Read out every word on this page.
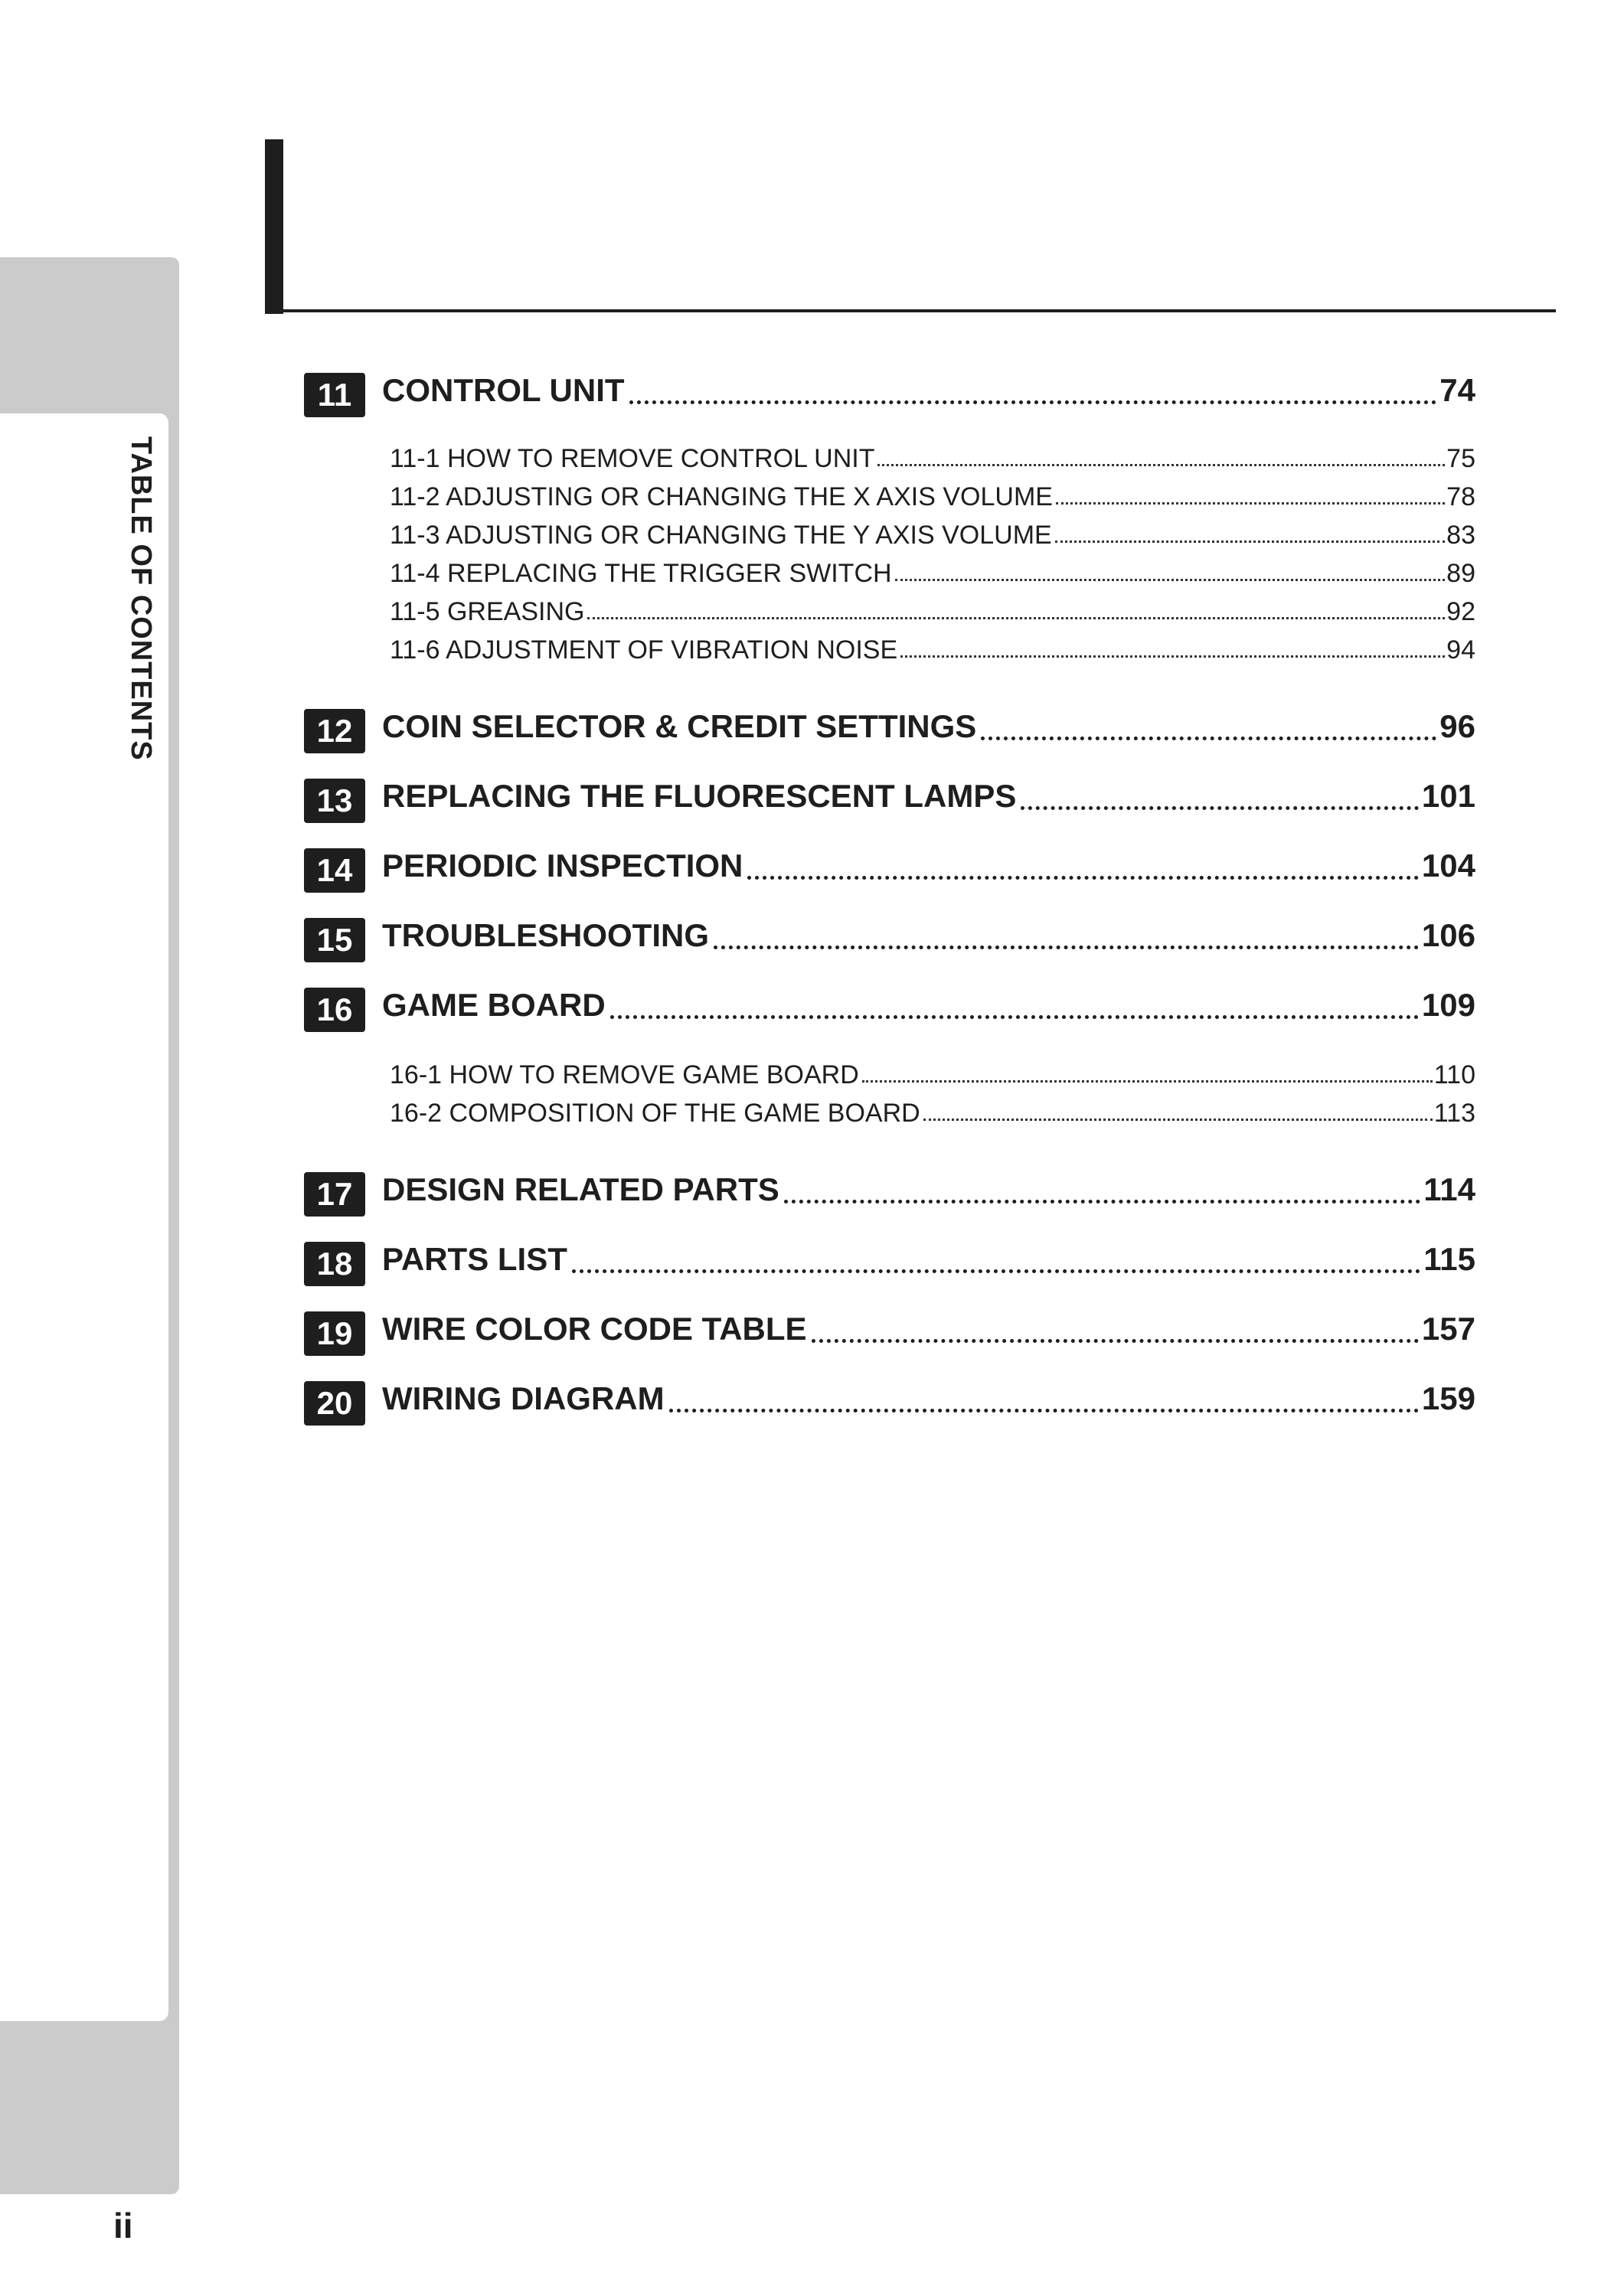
TABLE OF CONTENTS
ii
11 CONTROL UNIT	74
11-1 HOW TO REMOVE CONTROL UNIT	75
11-2 ADJUSTING OR CHANGING THE X AXIS VOLUME	78
11-3 ADJUSTING OR CHANGING THE Y AXIS VOLUME	83
11-4 REPLACING THE TRIGGER SWITCH	89
11-5 GREASING	92
11-6 ADJUSTMENT OF VIBRATION NOISE	94
12 COIN SELECTOR & CREDIT SETTINGS	96
13 REPLACING THE FLUORESCENT LAMPS	101
14 PERIODIC INSPECTION	104
15 TROUBLESHOOTING	106
16 GAME BOARD	109
16-1 HOW TO REMOVE GAME BOARD	110
16-2 COMPOSITION OF THE GAME BOARD	113
17 DESIGN RELATED PARTS	114
18 PARTS LIST	115
19 WIRE COLOR CODE TABLE	157
20 WIRING DIAGRAM	159
